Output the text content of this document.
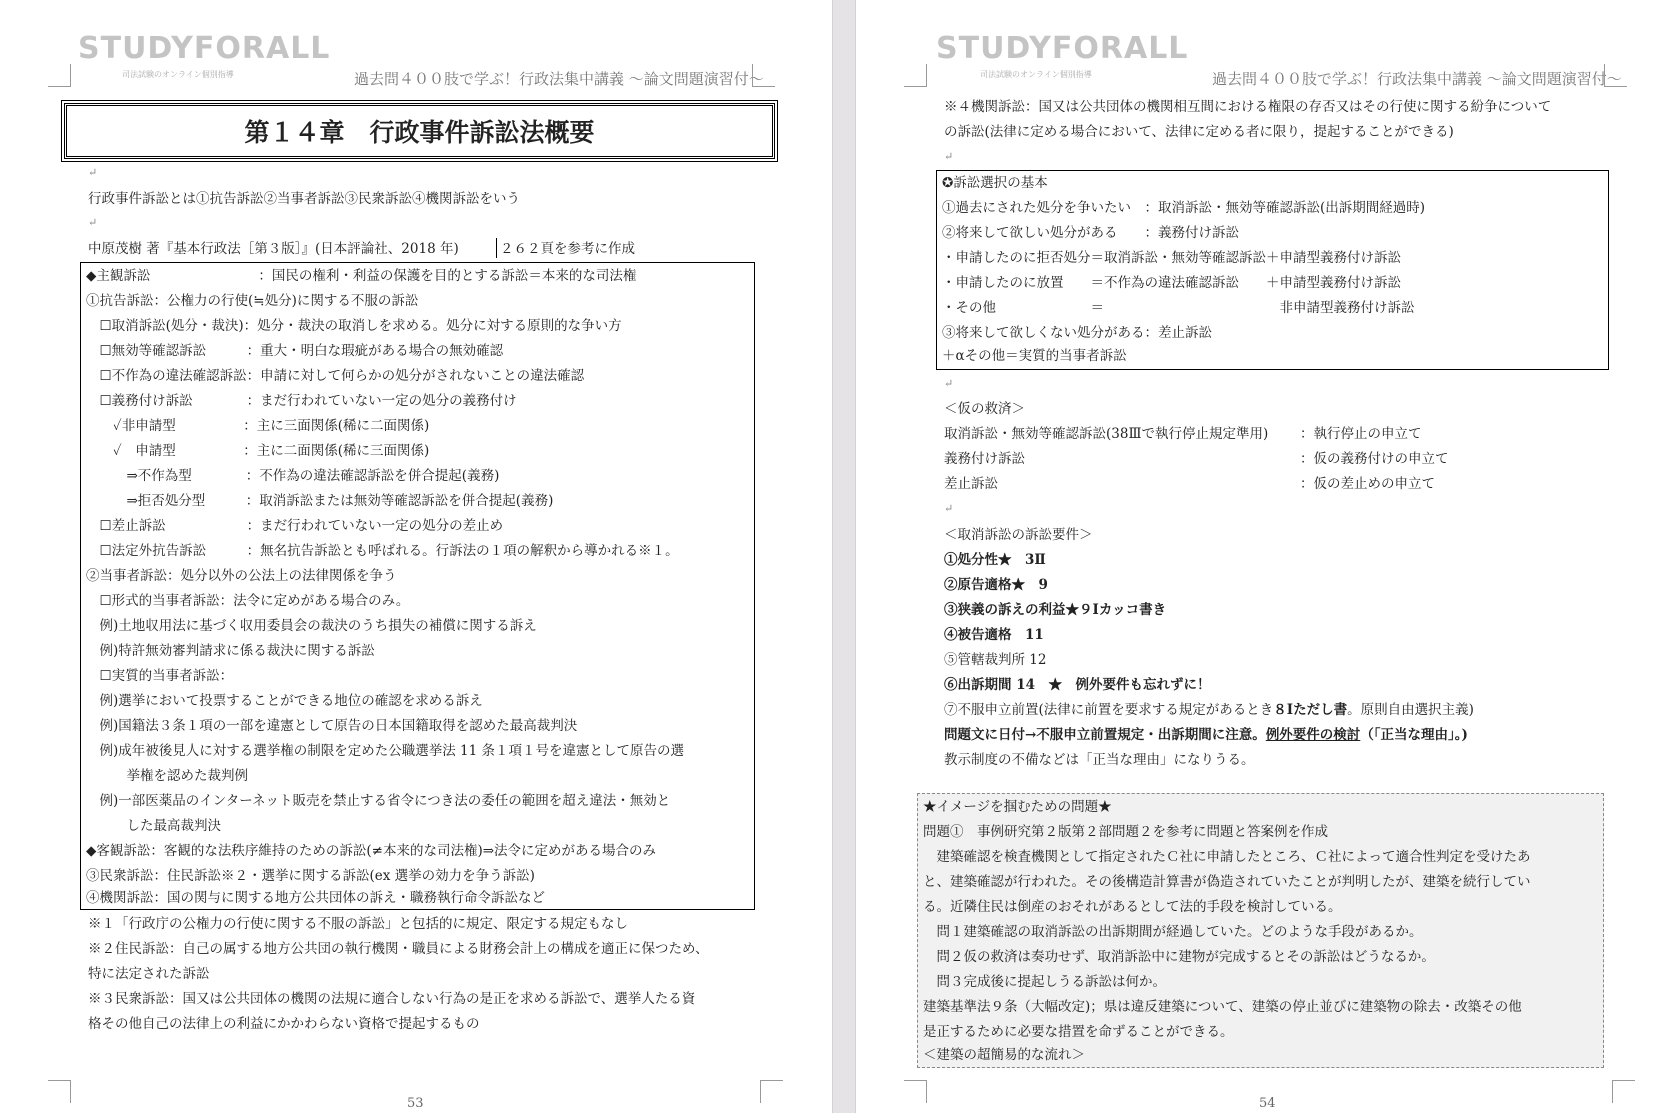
STUDYFORALL
司法試験のオンライン個別指導	過去問４００肢で学ぶ！行政法集中講義 ～論文問題演習付～
第１４章　行政事件訴訟法概要
↵
行政事件訴訟とは①抗告訴訟②当事者訴訟③民衆訴訟④機関訴訟をいう
↵
中原茂樹 著『基本行政法［第３版］』(日本評論社、2018 年)	２６２頁を参考に作成
◆主観訴訟　　　　　　　　：国民の権利・利益の保護を目的とする訴訟＝本来的な司法権
①抗告訴訟：公権力の行使(≒処分)に関する不服の訴訟
　☐取消訴訟(処分・裁決)：処分・裁決の取消しを求める。処分に対する原則的な争い方
　☐無効等確認訴訟　　　：重大・明白な瑕疵がある場合の無効確認
　☐不作為の違法確認訴訟：申請に対して何らかの処分がされないことの違法確認
　☐義務付け訴訟　　　　：まだ行われていない一定の処分の義務付け
　　✓非申請型　　　　　：主に三面関係(稀に二面関係)
　　✓　申請型　　　　　：主に二面関係(稀に三面関係)
　　　⇒不作為型　　　　：不作為の違法確認訴訟を併合提起(義務)
　　　⇒拒否処分型　　　：取消訴訟または無効等確認訴訟を併合提起(義務)
　☐差止訴訟　　　　　　：まだ行われていない一定の処分の差止め
　☐法定外抗告訴訟　　　：無名抗告訴訟とも呼ばれる。行訴法の１項の解釈から導かれる※１。
②当事者訴訟：処分以外の公法上の法律関係を争う
　☐形式的当事者訴訟：法令に定めがある場合のみ。
　例)土地収用法に基づく収用委員会の裁決のうち損失の補償に関する訴え
　例)特許無効審判請求に係る裁決に関する訴訟
　☐実質的当事者訴訟：
　例)選挙において投票することができる地位の確認を求める訴え
　例)国籍法３条１項の一部を違憲として原告の日本国籍取得を認めた最高裁判決
　例)成年被後見人に対する選挙権の制限を定めた公職選挙法 11 条１項１号を違憲として原告の選
　　　挙権を認めた裁判例
　例)一部医薬品のインターネット販売を禁止する省令につき法の委任の範囲を超え違法・無効と
　　　した最高裁判決
◆客観訴訟：客観的な法秩序維持のための訴訟(≠本来的な司法権)⇒法令に定めがある場合のみ
③民衆訴訟：住民訴訟※２・選挙に関する訴訟(ex 選挙の効力を争う訴訟)
④機関訴訟：国の関与に関する地方公共団体の訴え・職務執行命令訴訟など
※１「行政庁の公権力の行使に関する不服の訴訟」と包括的に規定、限定する規定もなし
※２住民訴訟：自己の属する地方公共団の執行機関・職員による財務会計上の構成を適正に保つため、
特に法定された訴訟
※３民衆訴訟：国又は公共団体の機関の法規に適合しない行為の是正を求める訴訟で、選挙人たる資
格その他自己の法律上の利益にかかわらない資格で提起するもの
53
STUDYFORALL
司法試験のオンライン個別指導	過去問４００肢で学ぶ！行政法集中講義 ～論文問題演習付～
※４機関訴訟：国又は公共団体の機関相互間における権限の存否又はその行使に関する紛争について
の訴訟(法律に定める場合において、法律に定める者に限り，提起することができる)
↵
✪訴訟選択の基本
①過去にされた処分を争いたい　：取消訴訟・無効等確認訴訟(出訴期間経過時)
②将来して欲しい処分がある　　：義務付け訴訟
・申請したのに拒否処分＝取消訴訟・無効等確認訴訟＋申請型義務付け訴訟
・申請したのに放置　　＝不作為の違法確認訴訟　　＋申請型義務付け訴訟
・その他　　　　　　　＝　　　　　　　　　　　　　非申請型義務付け訴訟
③将来して欲しくない処分がある：差止訴訟
＋αその他＝実質的当事者訴訟
↵
＜仮の救済＞
取消訴訟・無効等確認訴訟(38Ⅲで執行停止規定準用) ：執行停止の申立て
義務付け訴訟	：仮の義務付けの申立て
差止訴訟	：仮の差止めの申立て
↵
＜取消訴訟の訴訟要件＞
①処分性★　3Ⅱ
②原告適格★　9
③狭義の訴えの利益★９Ⅰカッコ書き
④被告適格　11
⑤管轄裁判所 12
⑥出訴期間 14　★　例外要件も忘れずに！
⑦不服申立前置(法律に前置を要求する規定があるとき８Ⅰただし書。原則自由選択主義)
問題文に日付→不服申立前置規定・出訴期間に注意。例外要件の検討（「正当な理由」。)
教示制度の不備などは「正当な理由」になりうる。
★イメージを掴むための問題★
問題①　事例研究第２版第２部問題２を参考に問題と答案例を作成
　建築確認を検査機関として指定されたＣ社に申請したところ、Ｃ社によって適合性判定を受けたあ
と、建築確認が行われた。その後構造計算書が偽造されていたことが判明したが、建築を続行してい
る。近隣住民は倒産のおそれがあるとして法的手段を検討している。
　問１建築確認の取消訴訟の出訴期間が経過していた。どのような手段があるか。
　問２仮の救済は奏功せず、取消訴訟中に建物が完成するとその訴訟はどうなるか。
　問３完成後に提起しうる訴訟は何か。
建築基準法９条（大幅改定)；県は違反建築について、建築の停止並びに建築物の除去・改築その他
是正するために必要な措置を命ずることができる。
＜建築の超簡易的な流れ＞
54
